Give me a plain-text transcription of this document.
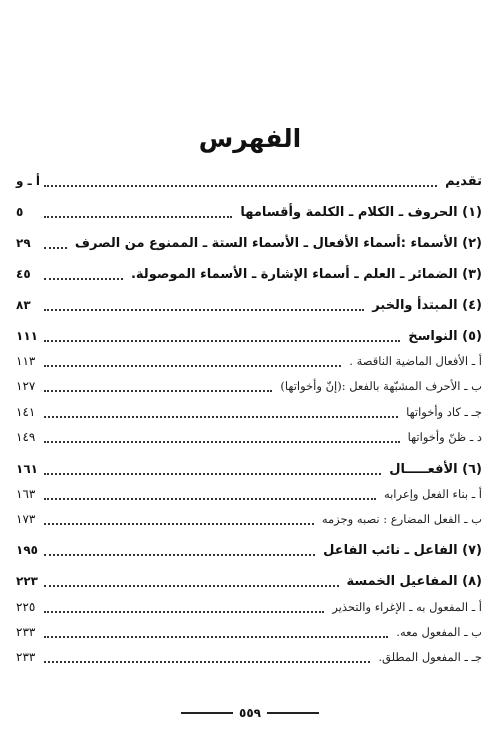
الفهرس
تقديم
أ ـ و
(١) الحروف ـ الكلام ـ الكلمة وأقسامها
٥
(٢) الأسماء :أسماء الأفعال ـ الأسماء الستة ـ الممنوع من الصرف
٢٩
(٣) الضمائر ـ العلم ـ أسماء الإشارة ـ الأسماء الموصولة.
٤٥
(٤) المبتدأ والخبر
٨٣
(٥) النواسخ
١١١
أ ـ الأفعال الماضية الناقصة .
١١٣
ب ـ الأحرف المشبّهة بالفعل :(إنّ وأخواتها)
١٢٧
جـ ـ كاد وأخواتها
١٤١
د ـ ظنّ وأخواتها
١٤٩
(٦) الأفعـــــال
١٦١
أ ـ بناء الفعل وإعرابه
١٦٣
ب ـ الفعل المضارع : نصبه وجزمه
١٧٣
(٧) الفاعل ـ نائب الفاعل
١٩٥
(٨) المفاعيل الخمسة
٢٢٣
أ ـ المفعول به ـ الإغراء والتحذير
٢٢٥
ب ـ المفعول معه.
٢٣٣
جـ ـ المفعول المطلق.
٢٣٣
٥٥٩
